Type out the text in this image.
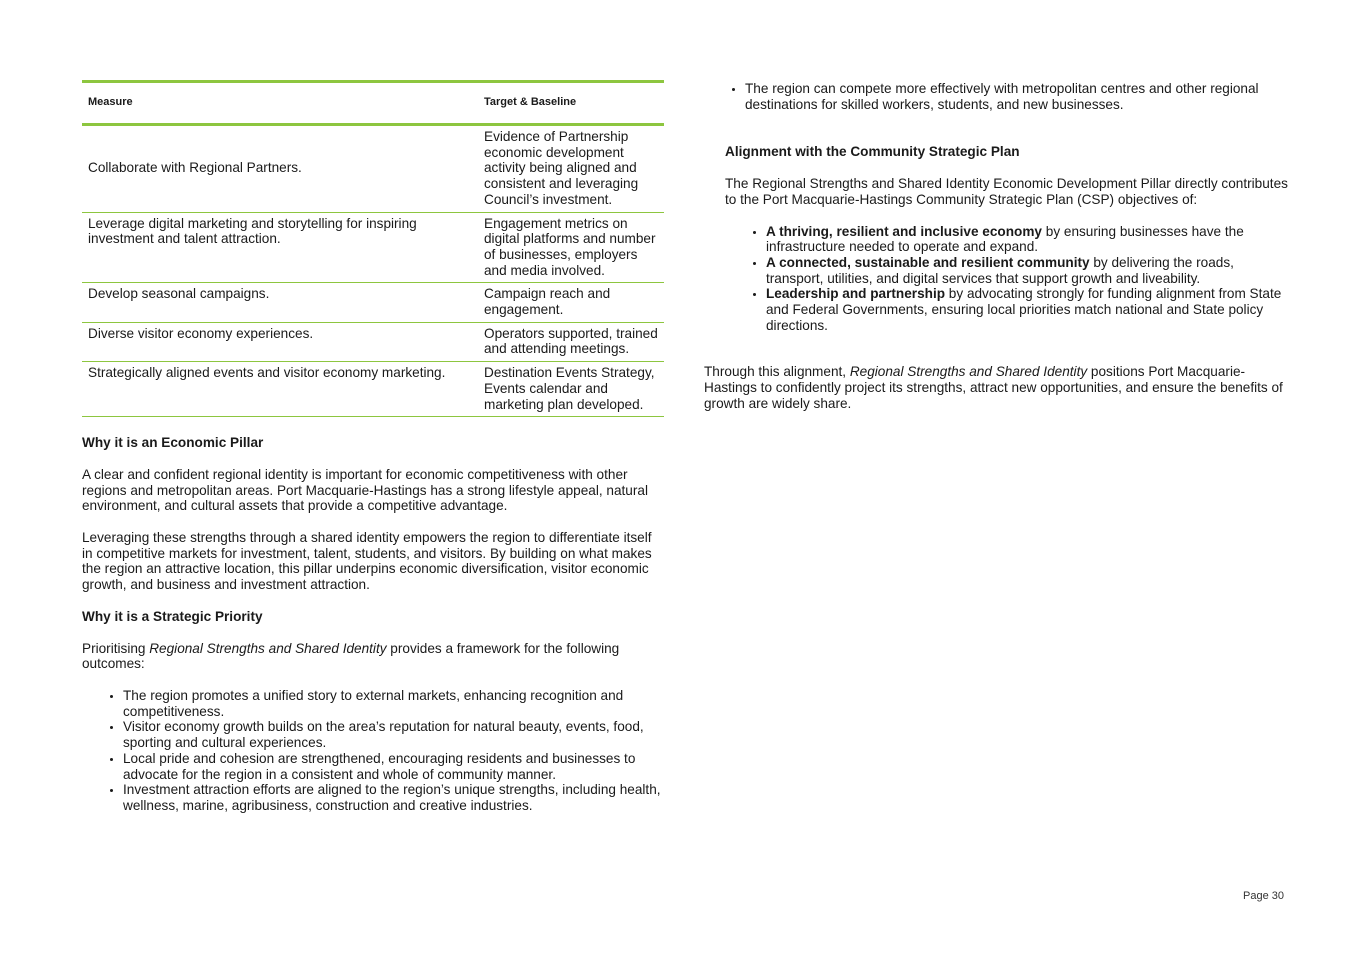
Measure	Target & Baseline
Collaborate with Regional Partners.	Evidence of Partnership economic development activity being aligned and consistent and leveraging Council’s investment.
Leverage digital marketing and storytelling for inspiring investment and talent attraction.	Engagement metrics on digital platforms and number of businesses, employers and media involved.
Develop seasonal campaigns.	Campaign reach and engagement.
Diverse visitor economy experiences.	Operators supported, trained and attending meetings.
Strategically aligned events and visitor economy marketing.	Destination Events Strategy, Events calendar and marketing plan developed.

Why it is an Economic Pillar

A clear and confident regional identity is important for economic competitiveness with other regions and metropolitan areas. Port Macquarie-Hastings has a strong lifestyle appeal, natural environment, and cultural assets that provide a competitive advantage.

Leveraging these strengths through a shared identity empowers the region to differentiate itself in competitive markets for investment, talent, students, and visitors. By building on what makes the region an attractive location, this pillar underpins economic diversification, visitor economic growth, and business and investment attraction.

Why it is a Strategic Priority

Prioritising Regional Strengths and Shared Identity provides a framework for the following outcomes:

• The region promotes a unified story to external markets, enhancing recognition and competitiveness.
• Visitor economy growth builds on the area’s reputation for natural beauty, events, food, sporting and cultural experiences.
• Local pride and cohesion are strengthened, encouraging residents and businesses to advocate for the region in a consistent and whole of community manner.
• Investment attraction efforts are aligned to the region’s unique strengths, including health, wellness, marine, agribusiness, construction and creative industries.
• The region can compete more effectively with metropolitan centres and other regional destinations for skilled workers, students, and new businesses.

Alignment with the Community Strategic Plan

The Regional Strengths and Shared Identity Economic Development Pillar directly contributes to the Port Macquarie-Hastings Community Strategic Plan (CSP) objectives of:

• A thriving, resilient and inclusive economy by ensuring businesses have the infrastructure needed to operate and expand.
• A connected, sustainable and resilient community by delivering the roads, transport, utilities, and digital services that support growth and liveability.
• Leadership and partnership by advocating strongly for funding alignment from State and Federal Governments, ensuring local priorities match national and State policy directions.

Through this alignment, Regional Strengths and Shared Identity positions Port Macquarie-Hastings to confidently project its strengths, attract new opportunities, and ensure the benefits of growth are widely share.

Page 30
